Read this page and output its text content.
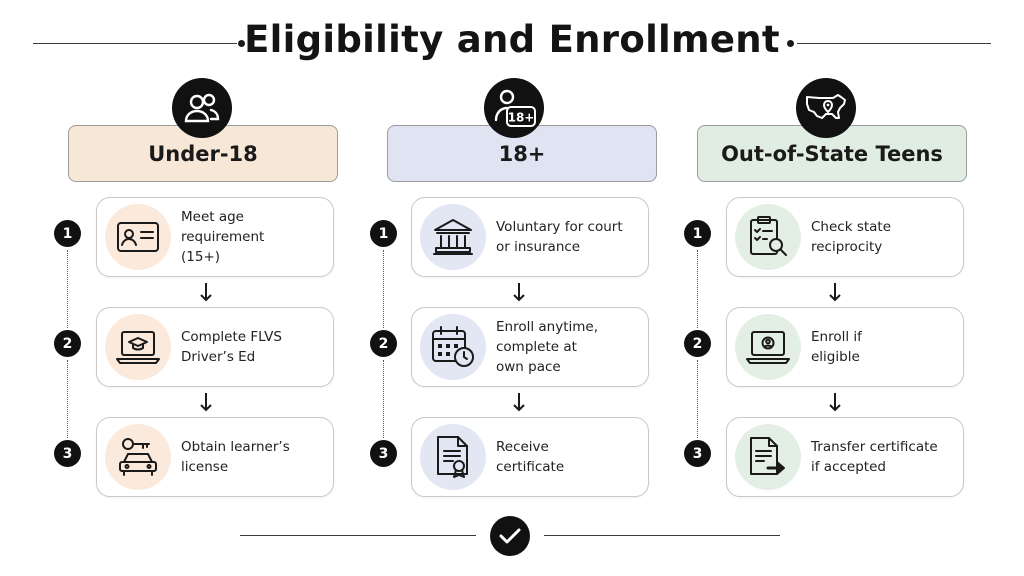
Eligibility and Enrollment
Under-18
1
2
3
Meet age requirement
(15+)
Complete FLVS
Driver’s Ed
Obtain learner’s
license
18+
18+
1
2
3
Voluntary for court
or insurance
Enroll anytime,
complete at
own pace
Receive
certificate
Out-of-State Teens
1
2
3
Check state
reciprocity
Enroll if
eligible
Transfer certificate
if accepted
